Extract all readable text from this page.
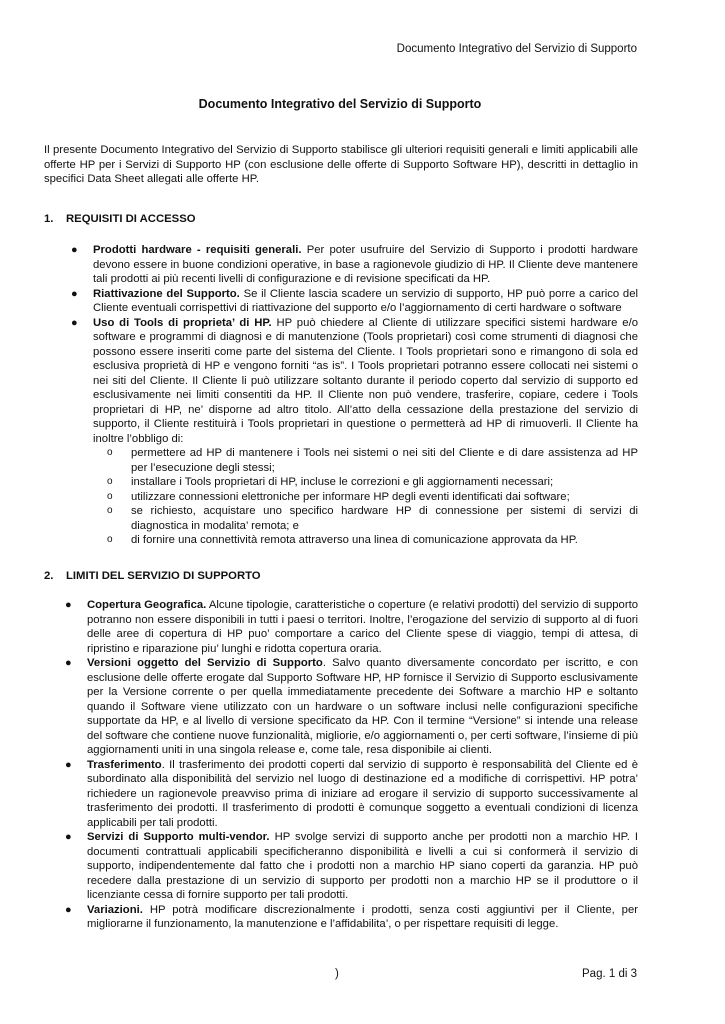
Documento Integrativo del Servizio di Supporto
Documento Integrativo del Servizio di Supporto
Il presente Documento Integrativo del Servizio di Supporto stabilisce gli ulteriori requisiti generali e limiti applicabili alle offerte HP per i Servizi di Supporto HP (con esclusione delle offerte di Supporto Software HP), descritti in dettaglio in specifici Data Sheet allegati alle offerte HP.
1. REQUISITI DI ACCESSO
● Prodotti hardware - requisiti generali. Per poter usufruire del Servizio di Supporto i prodotti hardware devono essere in buone condizioni operative, in base a ragionevole giudizio di HP. Il Cliente deve mantenere tali prodotti ai più recenti livelli di configurazione e di revisione specificati da HP.
● Riattivazione del Supporto. Se il Cliente lascia scadere un servizio di supporto, HP può porre a carico del Cliente eventuali corrispettivi di riattivazione del supporto e/o l’aggiornamento di certi hardware o software
● Uso di Tools di proprieta’ di HP. HP può chiedere al Cliente di utilizzare specifici sistemi hardware e/o software e programmi di diagnosi e di manutenzione (Tools proprietari) così come strumenti di diagnosi che possono essere inseriti come parte del sistema del Cliente. I Tools proprietari sono e rimangono di sola ed esclusiva proprietà di HP e vengono forniti “as is”. I Tools proprietari potranno essere collocati nei sistemi o nei siti del Cliente. Il Cliente li può utilizzare soltanto durante il periodo coperto dal servizio di supporto ed esclusivamente nei limiti consentiti da HP. Il Cliente non può vendere, trasferire, copiare, cedere i Tools proprietari di HP, ne’ disporne ad altro titolo. All’atto della cessazione della prestazione del servizio di supporto, il Cliente restituirà i Tools proprietari in questione o permetterà ad HP di rimuoverli. Il Cliente ha inoltre l’obbligo di:
o permettere ad HP di mantenere i Tools nei sistemi o nei siti del Cliente e di dare assistenza ad HP per l’esecuzione degli stessi;
o installare i Tools proprietari di HP, incluse le correzioni e gli aggiornamenti necessari;
o utilizzare connessioni elettroniche per informare HP degli eventi identificati dai software;
o se richiesto, acquistare uno specifico hardware HP di connessione per sistemi di servizi di diagnostica in modalita’ remota; e
o di fornire una connettività remota attraverso una linea di comunicazione approvata da HP.
2. LIMITI DEL SERVIZIO DI SUPPORTO
● Copertura Geografica. Alcune tipologie, caratteristiche o coperture (e relativi prodotti) del servizio di supporto potranno non essere disponibili in tutti i paesi o territori. Inoltre, l’erogazione del servizio di supporto al di fuori delle aree di copertura di HP puo’ comportare a carico del Cliente spese di viaggio, tempi di attesa, di ripristino e riparazione piu’ lunghi e ridotta copertura oraria.
● Versioni oggetto del Servizio di Supporto. Salvo quanto diversamente concordato per iscritto, e con esclusione delle offerte erogate dal Supporto Software HP, HP fornisce il Servizio di Supporto esclusivamente per la Versione corrente o per quella immediatamente precedente dei Software a marchio HP e soltanto quando il Software viene utilizzato con un hardware o un software inclusi nelle configurazioni specifiche supportate da HP, e al livello di versione specificato da HP. Con il termine “Versione” si intende una release del software che contiene nuove funzionalità, migliorie, e/o aggiornamenti o, per certi software, l’insieme di più aggiornamenti uniti in una singola release e, come tale, resa disponibile ai clienti.
● Trasferimento. Il trasferimento dei prodotti coperti dal servizio di supporto è responsabilità del Cliente ed è subordinato alla disponibilità del servizio nel luogo di destinazione ed a modifiche di corrispettivi. HP potra’ richiedere un ragionevole preavviso prima di iniziare ad erogare il servizio di supporto successivamente al trasferimento dei prodotti. Il trasferimento di prodotti è comunque soggetto a eventuali condizioni di licenza applicabili per tali prodotti.
● Servizi di Supporto multi-vendor. HP svolge servizi di supporto anche per prodotti non a marchio HP. I documenti contrattuali applicabili specificheranno disponibilità e livelli a cui si conformerà il servizio di supporto, indipendentemente dal fatto che i prodotti non a marchio HP siano coperti da garanzia. HP può recedere dalla prestazione di un servizio di supporto per prodotti non a marchio HP se il produttore o il licenziante cessa di fornire supporto per tali prodotti.
● Variazioni. HP potrà modificare discrezionalmente i prodotti, senza costi aggiuntivi per il Cliente, per migliorarne il funzionamento, la manutenzione e l’affidabilita’, o per rispettare requisiti di legge.
)	Pag. 1 di 3
